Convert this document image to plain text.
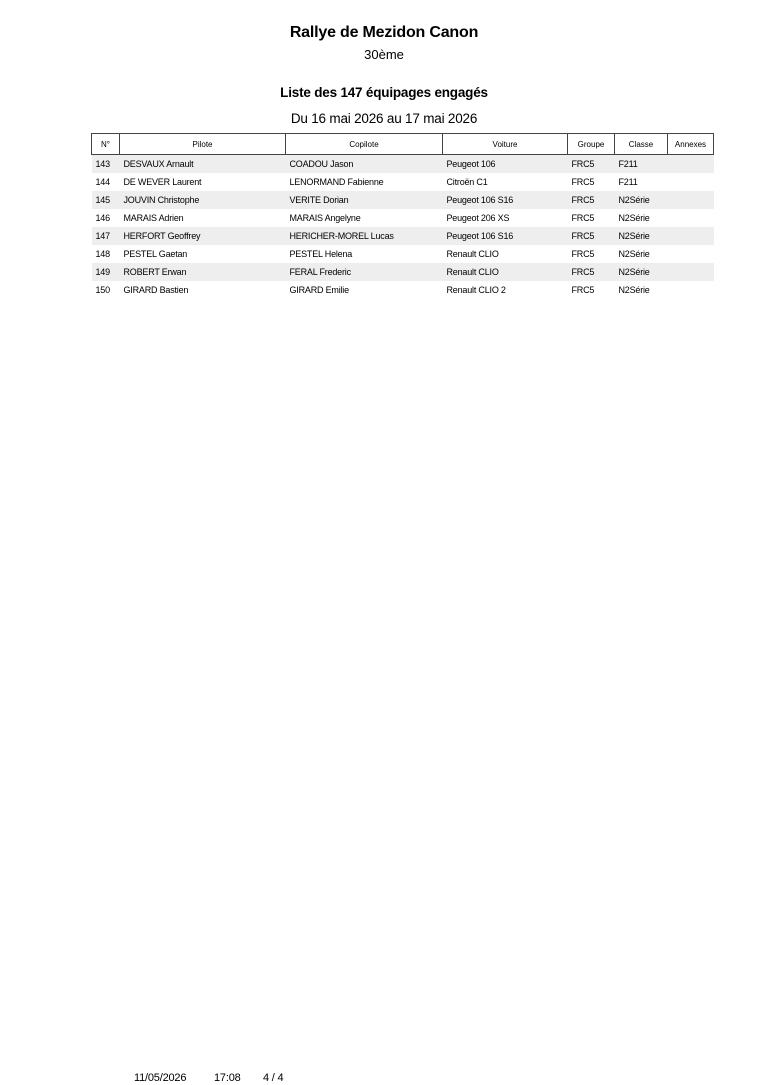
Rallye de Mezidon Canon
30ème
Liste des 147 équipages engagés
Du 16 mai 2026 au 17 mai 2026
N°	Pilote	Copilote	Voiture	Groupe	Classe	Annexes
143	DESVAUX Arnault	COADOU Jason	Peugeot 106	FRC5	F211	
144	DE WEVER Laurent	LENORMAND Fabienne	Citroën C1	FRC5	F211	
145	JOUVIN Christophe	VERITE Dorian	Peugeot 106 S16	FRC5	N2Série	
146	MARAIS Adrien	MARAIS Angelyne	Peugeot 206 XS	FRC5	N2Série	
147	HERFORT Geoffrey	HERICHER-MOREL Lucas	Peugeot 106 S16	FRC5	N2Série	
148	PESTEL Gaetan	PESTEL Helena	Renault CLIO	FRC5	N2Série	
149	ROBERT Erwan	FERAL Frederic	Renault CLIO	FRC5	N2Série	
150	GIRARD Bastien	GIRARD Emilie	Renault CLIO 2	FRC5	N2Série	
11/05/2026	17:08 4 / 4
